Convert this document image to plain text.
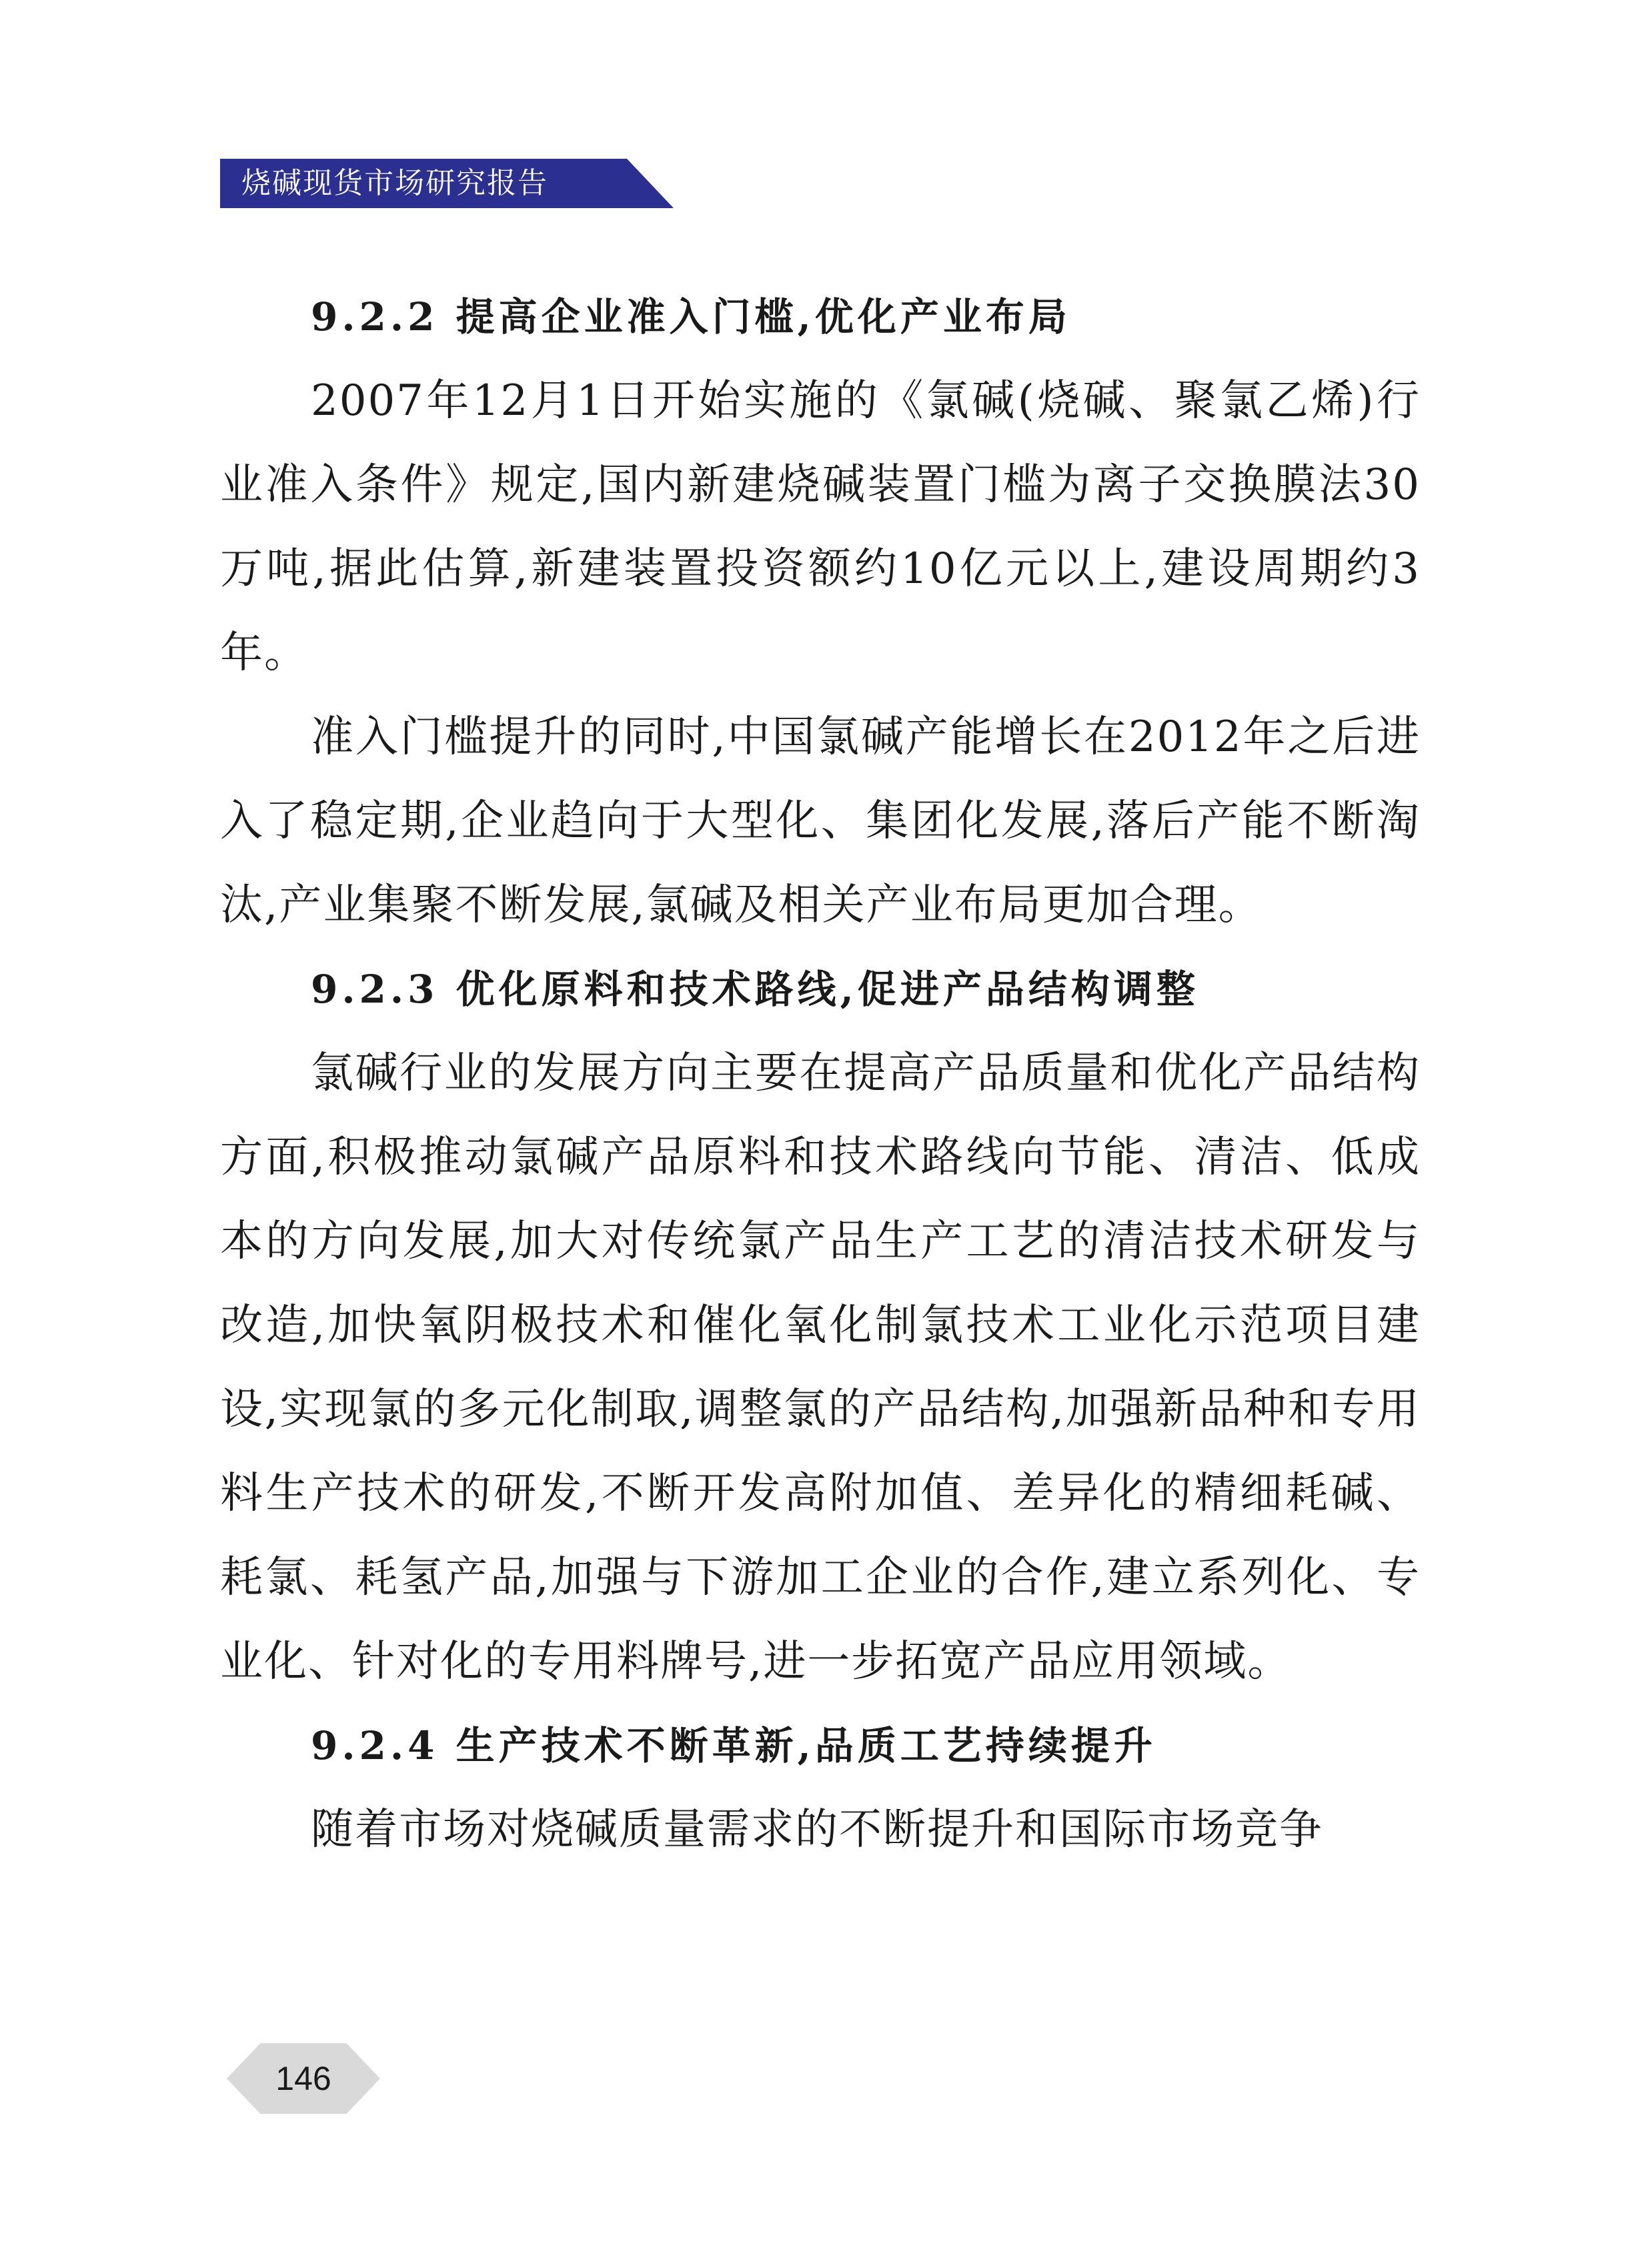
烧碱现货市场研究报告
9.2.2 提高企业准入门槛,优化产业布局

2007年12月1日开始实施的《氯碱(烧碱、聚氯乙烯)行业准入条件》规定,国内新建烧碱装置门槛为离子交换膜法30万吨,据此估算,新建装置投资额约10亿元以上,建设周期约3年。

准入门槛提升的同时,中国氯碱产能增长在2012年之后进入了稳定期,企业趋向于大型化、集团化发展,落后产能不断淘汰,产业集聚不断发展,氯碱及相关产业布局更加合理。

9.2.3 优化原料和技术路线,促进产品结构调整

氯碱行业的发展方向主要在提高产品质量和优化产品结构方面,积极推动氯碱产品原料和技术路线向节能、清洁、低成本的方向发展,加大对传统氯产品生产工艺的清洁技术研发与改造,加快氧阴极技术和催化氧化制氯技术工业化示范项目建设,实现氯的多元化制取,调整氯的产品结构,加强新品种和专用料生产技术的研发,不断开发高附加值、差异化的精细耗碱、耗氯、耗氢产品,加强与下游加工企业的合作,建立系列化、专业化、针对化的专用料牌号,进一步拓宽产品应用领域。

9.2.4 生产技术不断革新,品质工艺持续提升

随着市场对烧碱质量需求的不断提升和国际市场竞争

146
